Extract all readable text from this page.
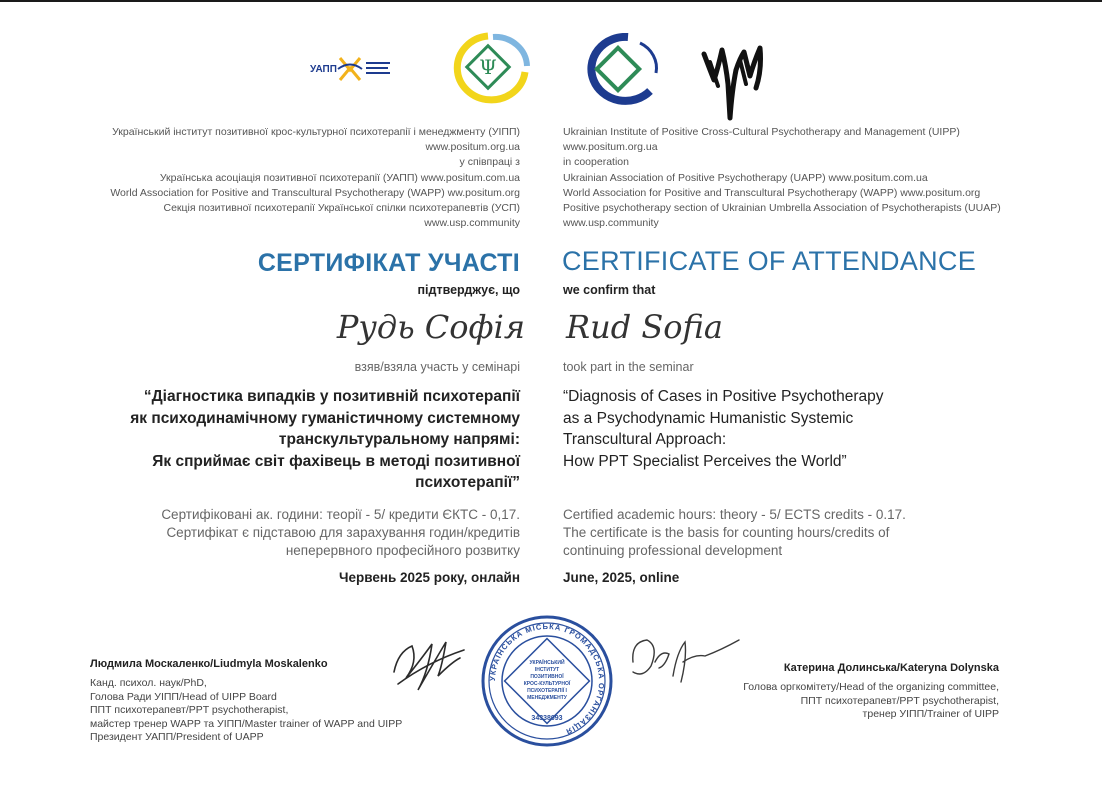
УАПП	Ψ
Український інститут позитивної крос-культурної психотерапії і менеджменту (УІПП)
www.positum.org.ua
у співпраці з
Українська асоціація позитивної психотерапії (УАПП) www.positum.com.ua
World Association for Positive and Transcultural Psychotherapy (WAPP) ww.positum.org
Секція позитивної психотерапії Української спілки психотерапевтів (УСП)
www.usp.community
Ukrainian Institute of Positive Cross-Cultural Psychotherapy and Management (UIPP)
www.positum.org.ua
in cooperation
Ukrainian Association of Positive Psychotherapy (UAPP) www.positum.com.ua
World Association for Positive and Transcultural Psychotherapy (WAPP) www.positum.org
Positive psychotherapy section of Ukrainian Umbrella Association of Psychotherapists (UUAP)
www.usp.community
СЕРТИФІКАТ УЧАСТІ CERTIFICATE OF ATTENDANCE
підтверджує, що	we confirm that
Рудь Софія Rud Sofia
взяв/взяла участь у семінарі	took part in the seminar
“Діагностика випадків у позитивній психотерапії
як психодинамічному гуманістичному системному
транскультуральному напрямі:
Як сприймає світ фахівець в методі позитивної
психотерапії”
“Diagnosis of Cases in Positive Psychotherapy
as a Psychodynamic Humanistic Systemic
Transcultural Approach:
How PPT Specialist Perceives the World”
Сертифіковані ак. години: теорії - 5/ кредити ЄКТС - 0,17.
Сертифікат є підставою для зарахування годин/кредитів
неперервного професійного розвитку
Certified academic hours: theory - 5/ ECTS credits - 0.17.
The certificate is the basis for counting hours/credits of
continuing professional development
Червень 2025 року, онлайн	June, 2025, online
Людмила Москаленко/Liudmyla Moskalenko
Канд. психол. наук/PhD,
Голова Ради УІПП/Head of UIPP Board
ППТ психотерапевт/PPT psychotherapist,
майстер тренер WAPP та УІПП/Master trainer of WAPP and UIPP
Президент УАПП/President of UAPP
Катерина Долинська/Kateryna Dolynska
Голова оргкомітету/Head of the organizing committee,
ППТ психотерапевт/PPT psychotherapist,
тренер УІПП/Trainer of UIPP
УКРАЇНСЬКА МІСЬКА ГРОМАДСЬКА ОРГАНІЗАЦІЯ
УКРАЇНСЬКИЙ
ІНСТИТУТ
ПОЗИТИВНОЇ
КРОС-КУЛЬТУРНОЇ
ПСИХОТЕРАПІЇ І
МЕНЕДЖМЕНТУ
34338093
